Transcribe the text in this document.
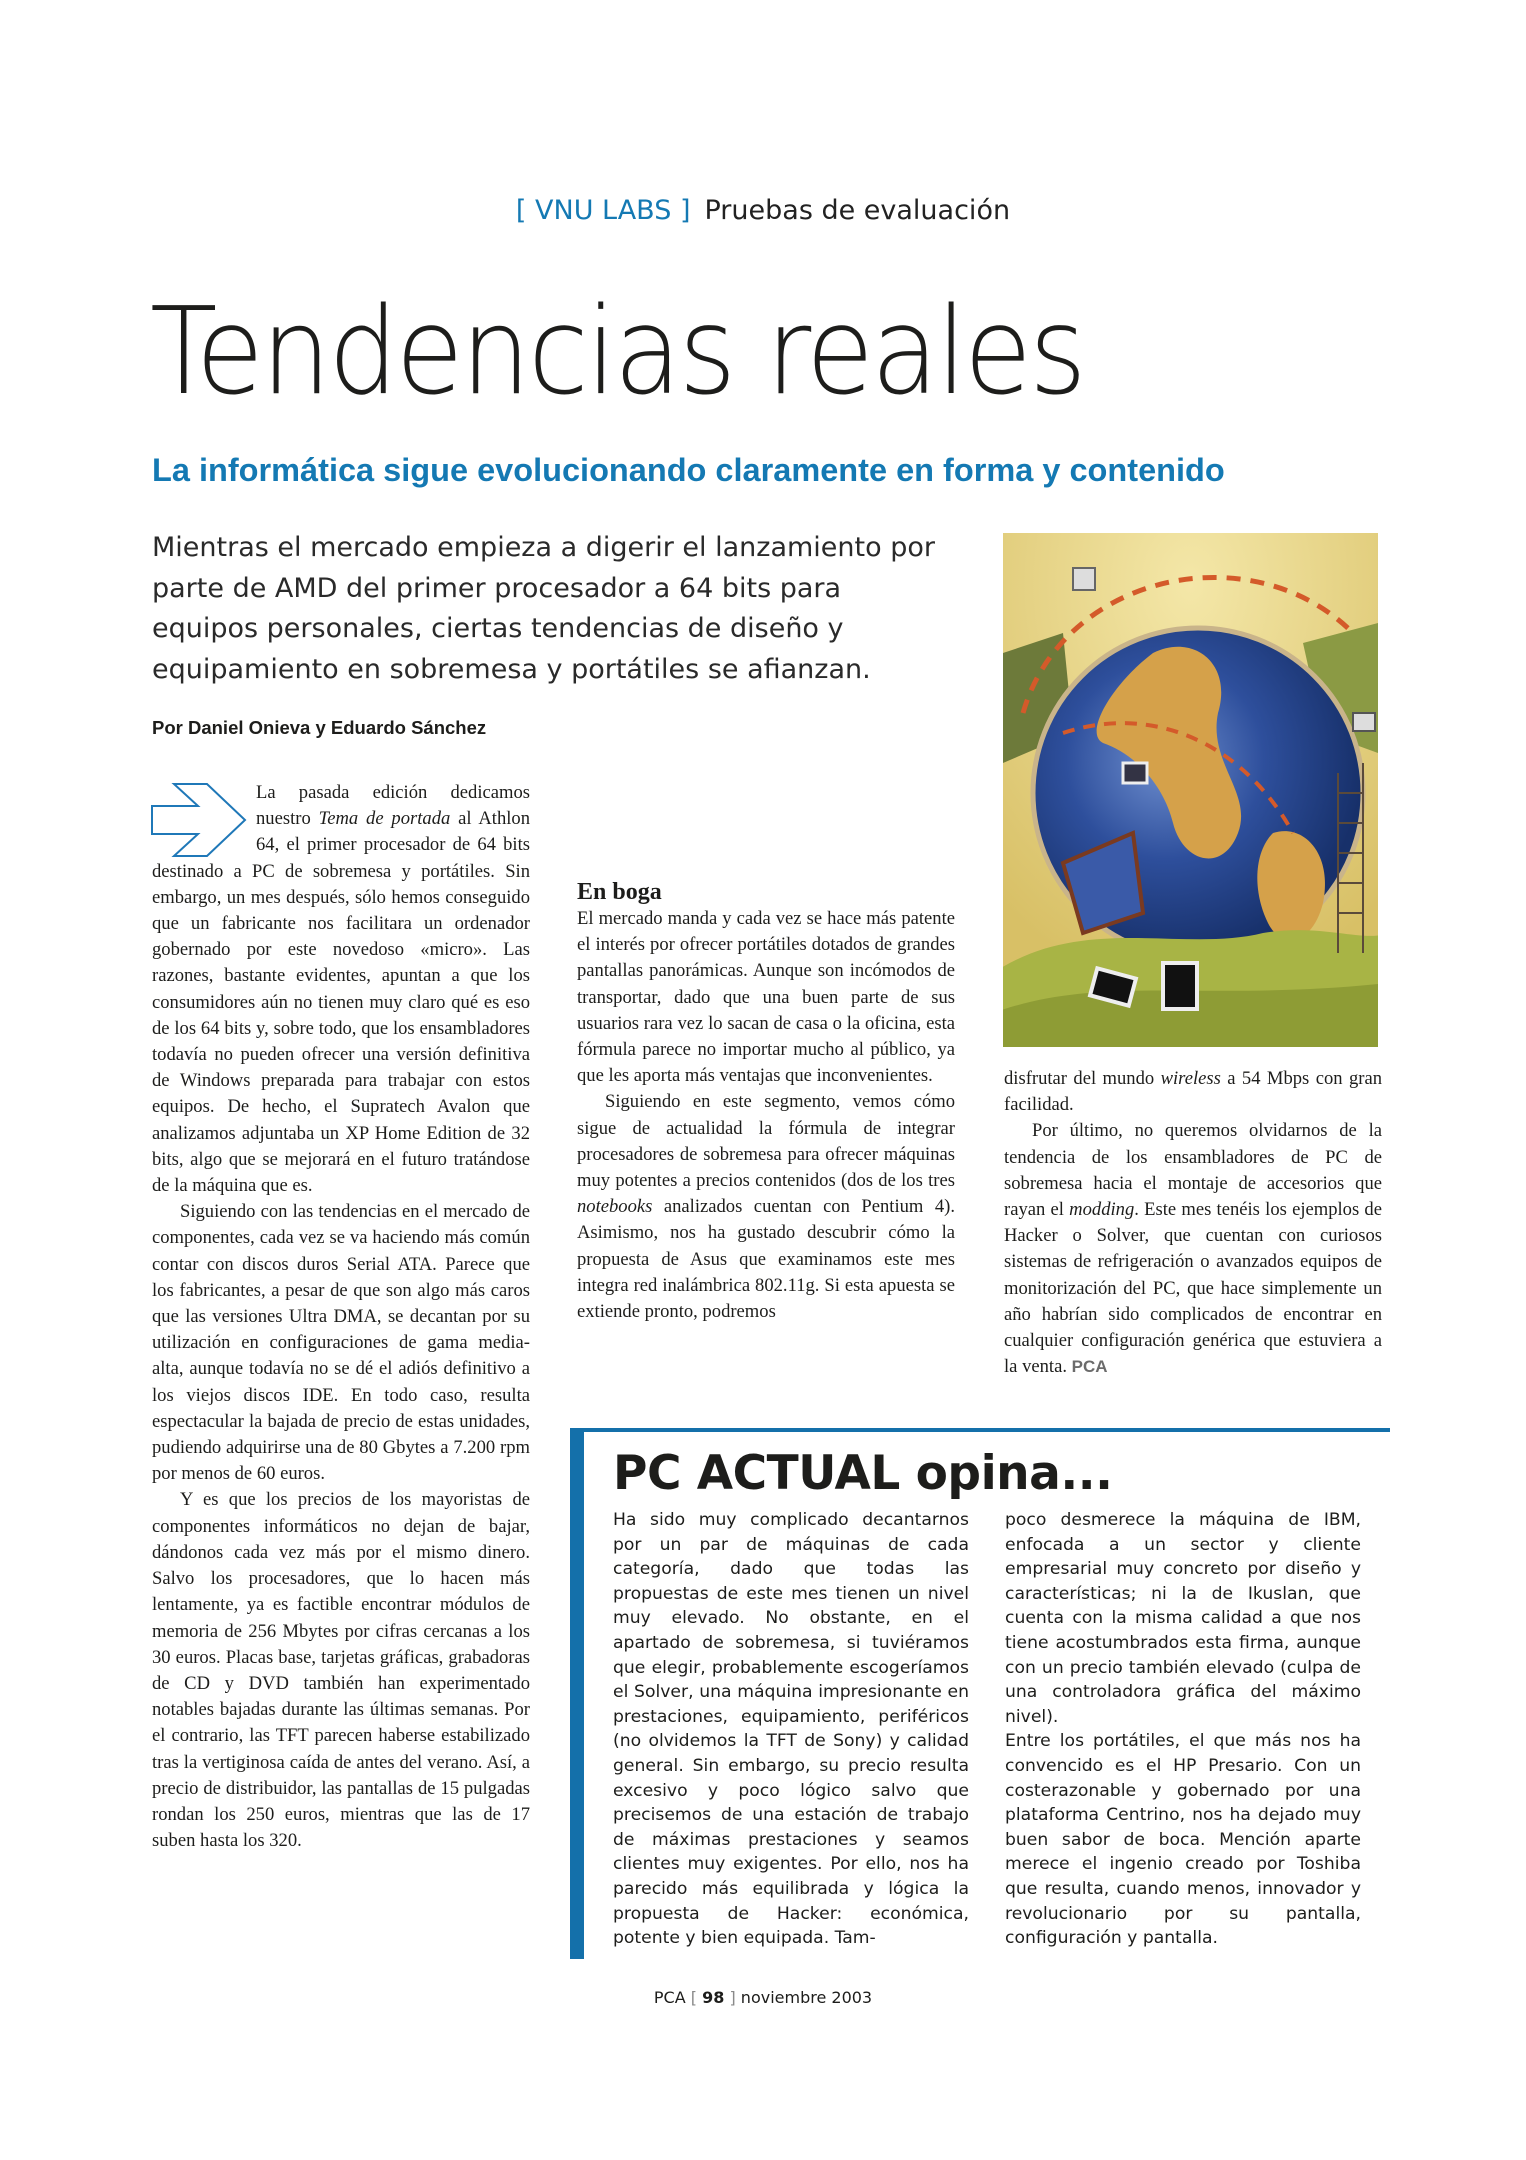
[ VNU LABS ] Pruebas de evaluación
Tendencias reales
La informática sigue evolucionando claramente en forma y contenido
Mientras el mercado empieza a digerir el lanzamiento por parte de AMD del primer procesador a 64 bits para equipos personales, ciertas tendencias de diseño y equipamiento en sobremesa y portátiles se afianzan.
Por Daniel Onieva y Eduardo Sánchez

La pasada edición dedicamos nuestro Tema de portada al Athlon 64, el primer procesador de 64 bits destinado a PC de sobremesa y portátiles. Sin embargo, un mes después, sólo hemos conseguido que un fabricante nos facilitara un ordenador gobernado por este novedoso «micro». Las razones, bastante evidentes, apuntan a que los consumidores aún no tienen muy claro qué es eso de los 64 bits y, sobre todo, que los ensambladores todavía no pueden ofrecer una versión definitiva de Windows preparada para trabajar con estos equipos. De hecho, el Supratech Avalon que analizamos adjuntaba un XP Home Edition de 32 bits, algo que se mejorará en el futuro tratándose de la máquina que es.

Siguiendo con las tendencias en el mercado de componentes, cada vez se va haciendo más común contar con discos duros Serial ATA. Parece que los fabricantes, a pesar de que son algo más caros que las versiones Ultra DMA, se decantan por su utilización en configuraciones de gama media-alta, aunque todavía no se dé el adiós definitivo a los viejos discos IDE. En todo caso, resulta espectacular la bajada de precio de estas unidades, pudiendo adquirirse una de 80 Gbytes a 7.200 rpm por menos de 60 euros.

Y es que los precios de los mayoristas de componentes informáticos no dejan de bajar, dándonos cada vez más por el mismo dinero. Salvo los procesadores, que lo hacen más lentamente, ya es factible encontrar módulos de memoria de 256 Mbytes por cifras cercanas a los 30 euros. Placas base, tarjetas gráficas, grabadoras de CD y DVD también han experimentado notables bajadas durante las últimas semanas. Por el contrario, las TFT parecen haberse estabilizado tras la vertiginosa caída de antes del verano. Así, a precio de distribuidor, las pantallas de 15 pulgadas rondan los 250 euros, mientras que las de 17 suben hasta los 320.

En boga

El mercado manda y cada vez se hace más patente el interés por ofrecer portátiles dotados de grandes pantallas panorámicas. Aunque son incómodos de transportar, dado que una buen parte de sus usuarios rara vez lo sacan de casa o la oficina, esta fórmula parece no importar mucho al público, ya que les aporta más ventajas que inconvenientes.

Siguiendo en este segmento, vemos cómo sigue de actualidad la fórmula de integrar procesadores de sobremesa para ofrecer máquinas muy potentes a precios contenidos (dos de los tres notebooks analizados cuentan con Pentium 4). Asimismo, nos ha gustado descubrir cómo la propuesta de Asus que examinamos este mes integra red inalámbrica 802.11g. Si esta apuesta se extiende pronto, podremos

disfrutar del mundo wireless a 54 Mbps con gran facilidad.

Por último, no queremos olvidarnos de la tendencia de los ensambladores de PC de sobremesa hacia el montaje de accesorios que rayan el modding. Este mes tenéis los ejemplos de Hacker o Solver, que cuentan con curiosos sistemas de refrigeración o avanzados equipos de monitorización del PC, que hace simplemente un año habrían sido complicados de encontrar en cualquier configuración genérica que estuviera a la venta. PCA

PC ACTUAL opina...

Ha sido muy complicado decantarnos por un par de máquinas de cada categoría, dado que todas las propuestas de este mes tienen un nivel muy elevado. No obstante, en el apartado de sobremesa, si tuviéramos que elegir, probablemente escogeríamos el Solver, una máquina impresionante en prestaciones, equipamiento, periféricos (no olvidemos la TFT de Sony) y calidad general. Sin embargo, su precio resulta excesivo y poco lógico salvo que precisemos de una estación de trabajo de máximas prestaciones y seamos clientes muy exigentes. Por ello, nos ha parecido más equilibrada y lógica la propuesta de Hacker: económica, potente y bien equipada. Tam-

poco desmerece la máquina de IBM, enfocada a un sector y cliente empresarial muy concreto por diseño y características; ni la de Ikuslan, que cuenta con la misma calidad a que nos tiene acostumbrados esta firma, aunque con un precio también elevado (culpa de una controladora gráfica del máximo nivel).

Entre los portátiles, el que más nos ha convencido es el HP Presario. Con un costerazonable y gobernado por una plataforma Centrino, nos ha dejado muy buen sabor de boca. Mención aparte merece el ingenio creado por Toshiba que resulta, cuando menos, innovador y revolucionario por su pantalla, configuración y pantalla.

PCA [ 98 ] noviembre 2003
